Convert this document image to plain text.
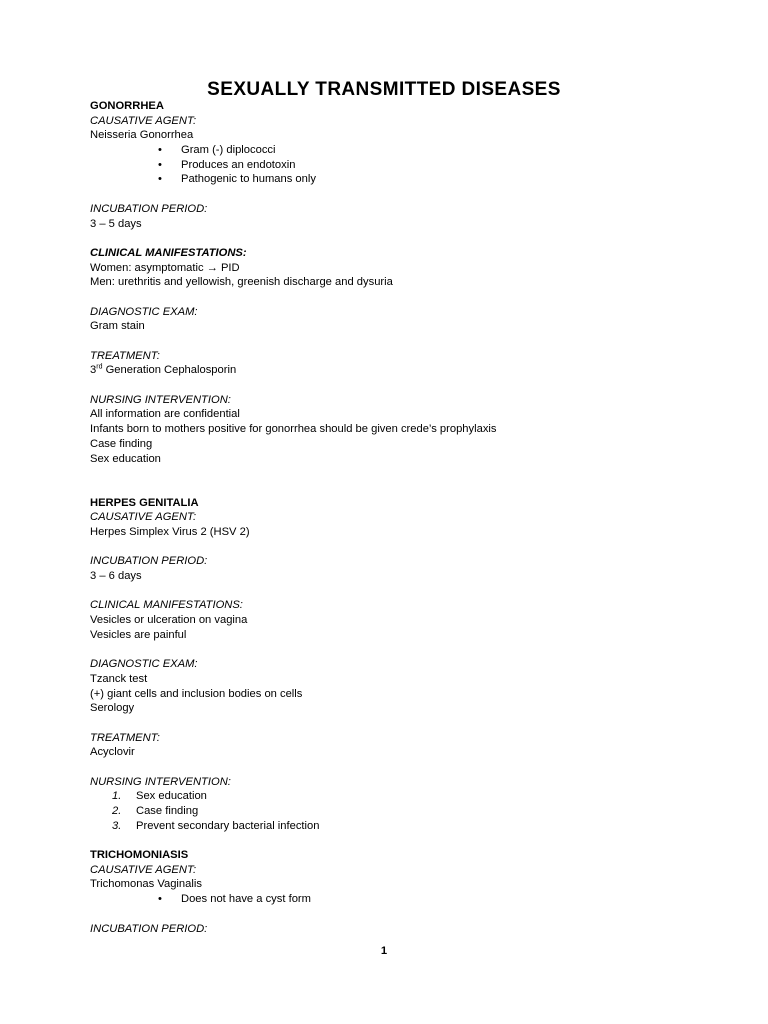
SEXUALLY TRANSMITTED DISEASES
GONORRHEA
CAUSATIVE AGENT:
Neisseria Gonorrhea
• Gram (-) diplococci
• Produces an endotoxin
• Pathogenic to humans only
INCUBATION PERIOD:
3 – 5 days
CLINICAL MANIFESTATIONS:
Women: asymptomatic → PID
Men: urethritis and yellowish, greenish discharge and dysuria
DIAGNOSTIC EXAM:
Gram stain
TREATMENT:
3rd Generation Cephalosporin
NURSING INTERVENTION:
All information are confidential
Infants born to mothers positive for gonorrhea should be given crede’s prophylaxis
Case finding
Sex education
HERPES GENITALIA
CAUSATIVE AGENT:
Herpes Simplex Virus 2 (HSV 2)
INCUBATION PERIOD:
3 – 6 days
CLINICAL MANIFESTATIONS:
Vesicles or ulceration on vagina
Vesicles are painful
DIAGNOSTIC EXAM:
Tzanck test
(+) giant cells and inclusion bodies on cells
Serology
TREATMENT:
Acyclovir
NURSING INTERVENTION:
1. Sex education
2. Case finding
3. Prevent secondary bacterial infection
TRICHOMONIASIS
CAUSATIVE AGENT:
Trichomonas Vaginalis
• Does not have a cyst form
INCUBATION PERIOD:
1
